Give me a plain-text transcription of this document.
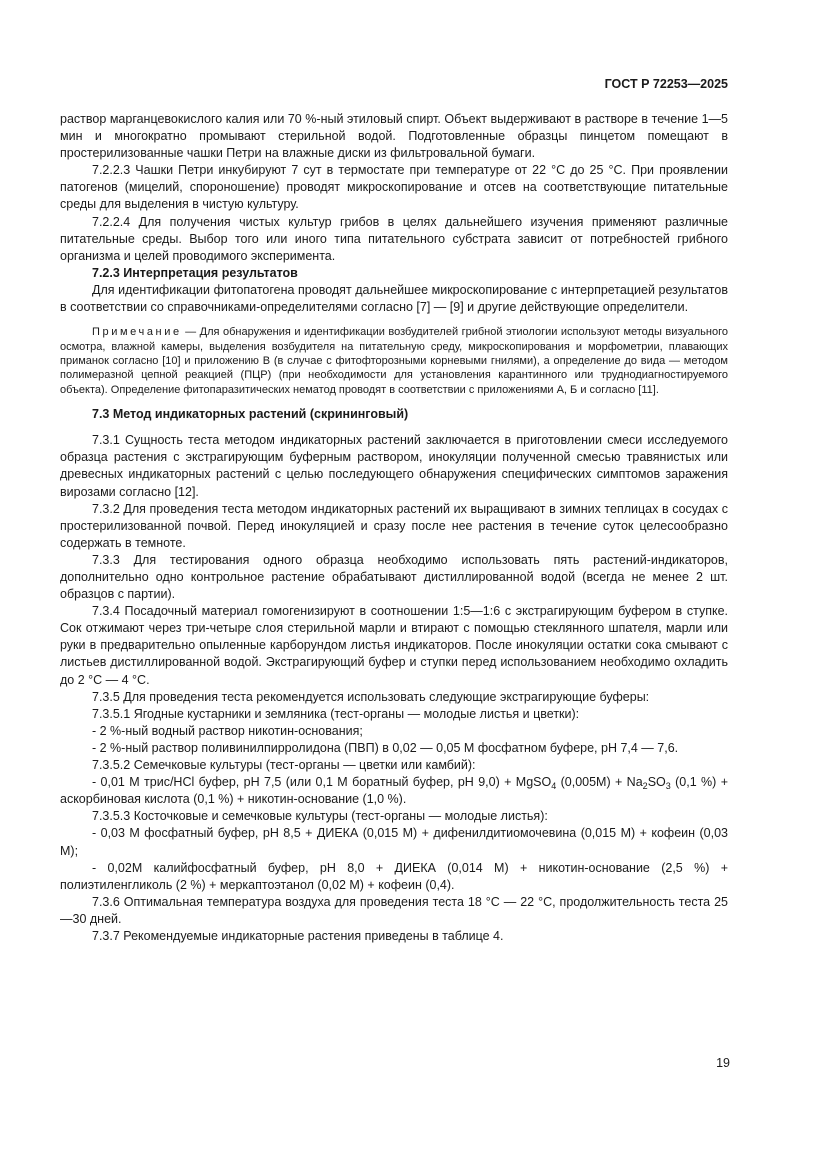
ГОСТ Р 72253—2025

раствор марганцевокислого калия или 70 %-ный этиловый спирт. Объект выдерживают в растворе в течение 1—5 мин и многократно промывают стерильной водой. Подготовленные образцы пинцетом помещают в простерилизованные чашки Петри на влажные диски из фильтровальной бумаги.

7.2.2.3 Чашки Петри инкубируют 7 сут в термостате при температуре от 22 °С до 25 °С. При проявлении патогенов (мицелий, спороношение) проводят микроскопирование и отсев на соответствующие питательные среды для выделения в чистую культуру.

7.2.2.4 Для получения чистых культур грибов в целях дальнейшего изучения применяют различные питательные среды. Выбор того или иного типа питательного субстрата зависит от потребностей грибного организма и целей проводимого эксперимента.

7.2.3 Интерпретация результатов

Для идентификации фитопатогена проводят дальнейшее микроскопирование с интерпретацией результатов в соответствии со справочниками-определителями согласно [7] — [9] и другие действующие определители.

Примечание — Для обнаружения и идентификации возбудителей грибной этиологии используют методы визуального осмотра, влажной камеры, выделения возбудителя на питательную среду, микроскопирования и морфометрии, плавающих приманок согласно [10] и приложению В (в случае с фитофторозными корневыми гнилями), а определение до вида — методом полимеразной цепной реакцией (ПЦР) (при необходимости для установления карантинного или труднодиагностируемого объекта). Определение фитопаразитических нематод проводят в соответствии с приложениями А, Б и согласно [11].

7.3 Метод индикаторных растений (скрининговый)

7.3.1 Сущность теста методом индикаторных растений заключается в приготовлении смеси исследуемого образца растения с экстрагирующим буферным раствором, инокуляции полученной смесью травянистых или древесных индикаторных растений с целью последующего обнаружения специфических симптомов заражения вирозами согласно [12].

7.3.2 Для проведения теста методом индикаторных растений их выращивают в зимних теплицах в сосудах с простерилизованной почвой. Перед инокуляцией и сразу после нее растения в течение суток целесообразно содержать в темноте.

7.3.3 Для тестирования одного образца необходимо использовать пять растений-индикаторов, дополнительно одно контрольное растение обрабатывают дистиллированной водой (всегда не менее 2 шт. образцов с партии).

7.3.4 Посадочный материал гомогенизируют в соотношении 1:5—1:6 с экстрагирующим буфером в ступке. Сок отжимают через три-четыре слоя стерильной марли и втирают с помощью стеклянного шпателя, марли или руки в предварительно опыленные карборундом листья индикаторов. После инокуляции остатки сока смывают с листьев дистиллированной водой. Экстрагирующий буфер и ступки перед использованием необходимо охладить до 2 °С — 4 °С.

7.3.5 Для проведения теста рекомендуется использовать следующие экстрагирующие буферы:

7.3.5.1 Ягодные кустарники и земляника (тест-органы — молодые листья и цветки):

- 2 %-ный водный раствор никотин-основания;

- 2 %-ный раствор поливинилпирролидона (ПВП) в 0,02 — 0,05 М фосфатном буфере, рН 7,4 — 7,6.

7.3.5.2 Семечковые культуры (тест-органы — цветки или камбий):

- 0,01 М трис/HCl буфер, pH 7,5 (или 0,1 М боратный буфер, pH 9,0) + MgSO$_4$ $(0,005М) + Na_2SO_3$ (0,1 %) + аскорбиновая кислота (0,1 %) + никотин-основание (1,0 %).

7.3.5.3 Косточковые и семечковые культуры (тест-органы — молодые листья):

- 0,03 М фосфатный буфер, pH 8,5 + ДИЕКА (0,015 М) + дифенилдитиомочевина (0,015 М) + кофеин (0,03 М);

- 0,02М калийфосфатный буфер, pH 8,0 + ДИЕКА (0,014 М) + никотин-основание (2,5 %) + полиэтиленгликоль (2 %) + меркаптоэтанол (0,02 М) + кофеин (0,4).

7.3.6 Оптимальная температура воздуха для проведения теста 18 °С — 22 °С, продолжительность теста 25—30 дней.

7.3.7 Рекомендуемые индикаторные растения приведены в таблице 4.

19
